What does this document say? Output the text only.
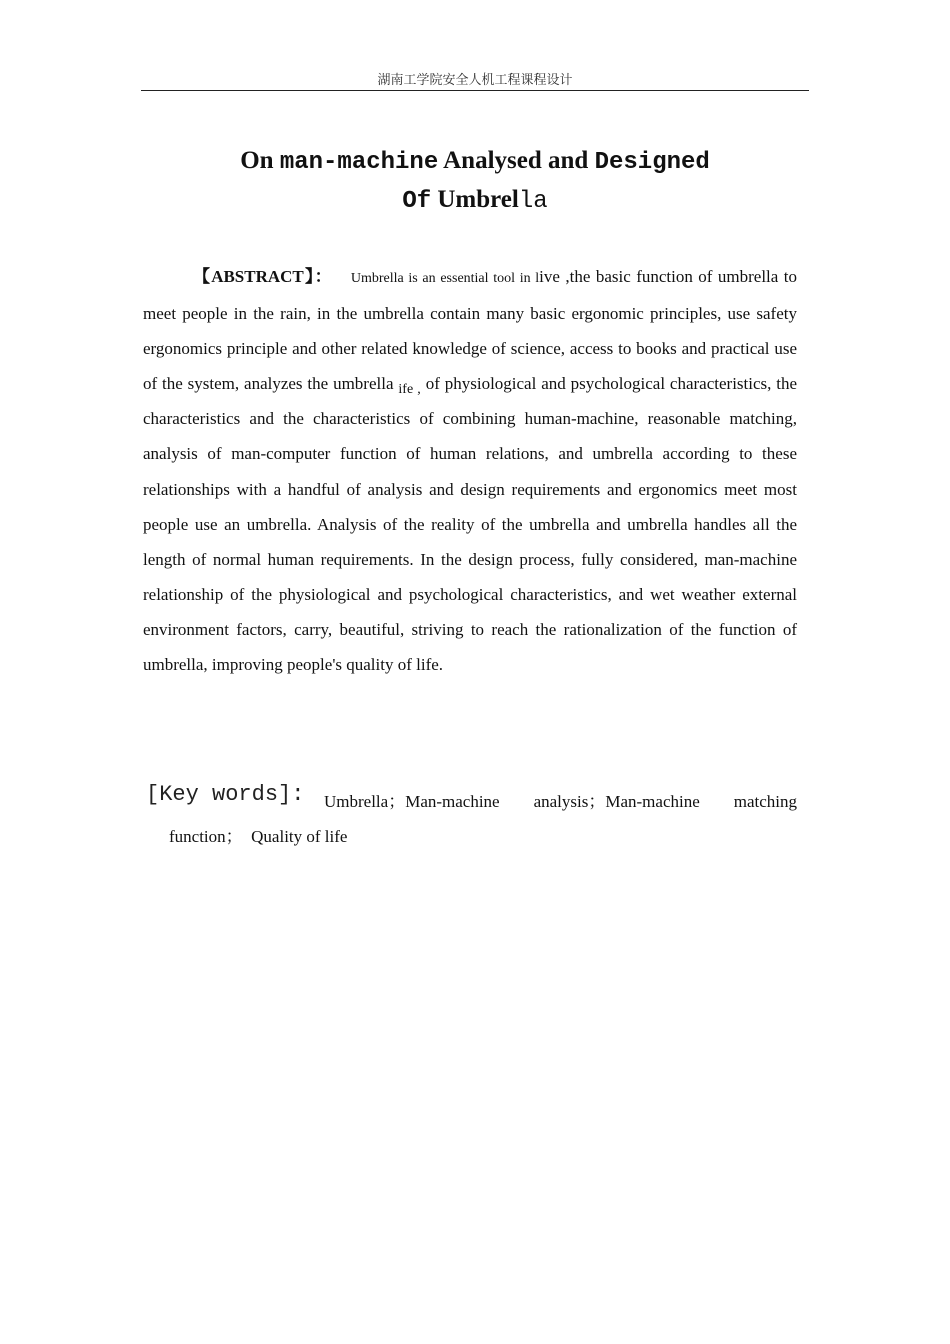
湖南工学院安全人机工程课程设计
On man-machine Analysed and Designed
Of Umbrella

【ABSTRACT】： Umbrella is an essential tool in live ,the basic function of umbrella to meet people in the rain, in the umbrella contain many basic ergonomic principles, use safety ergonomics principle and other related knowledge of science, access to books and practical use of the system, analyzes the umbrella $_{ife ,}$ of physiological and psychological characteristics, the characteristics and the characteristics of combining human-machine, reasonable matching, analysis of man-computer function of human relations, and umbrella according to these relationships with a handful of analysis and design requirements and ergonomics meet most people use an umbrella. Analysis of the reality of the umbrella and umbrella handles all the length of normal human requirements. In the design process, fully considered, man-machine relationship of the physiological and psychological characteristics, and wet weather external environment factors, carry, beautiful, striving to reach the rationalization of the function of umbrella, improving people's quality of life.

[Key words]: Umbrella；Man-machine analysis；Man-machine matching
function；  Quality of life
